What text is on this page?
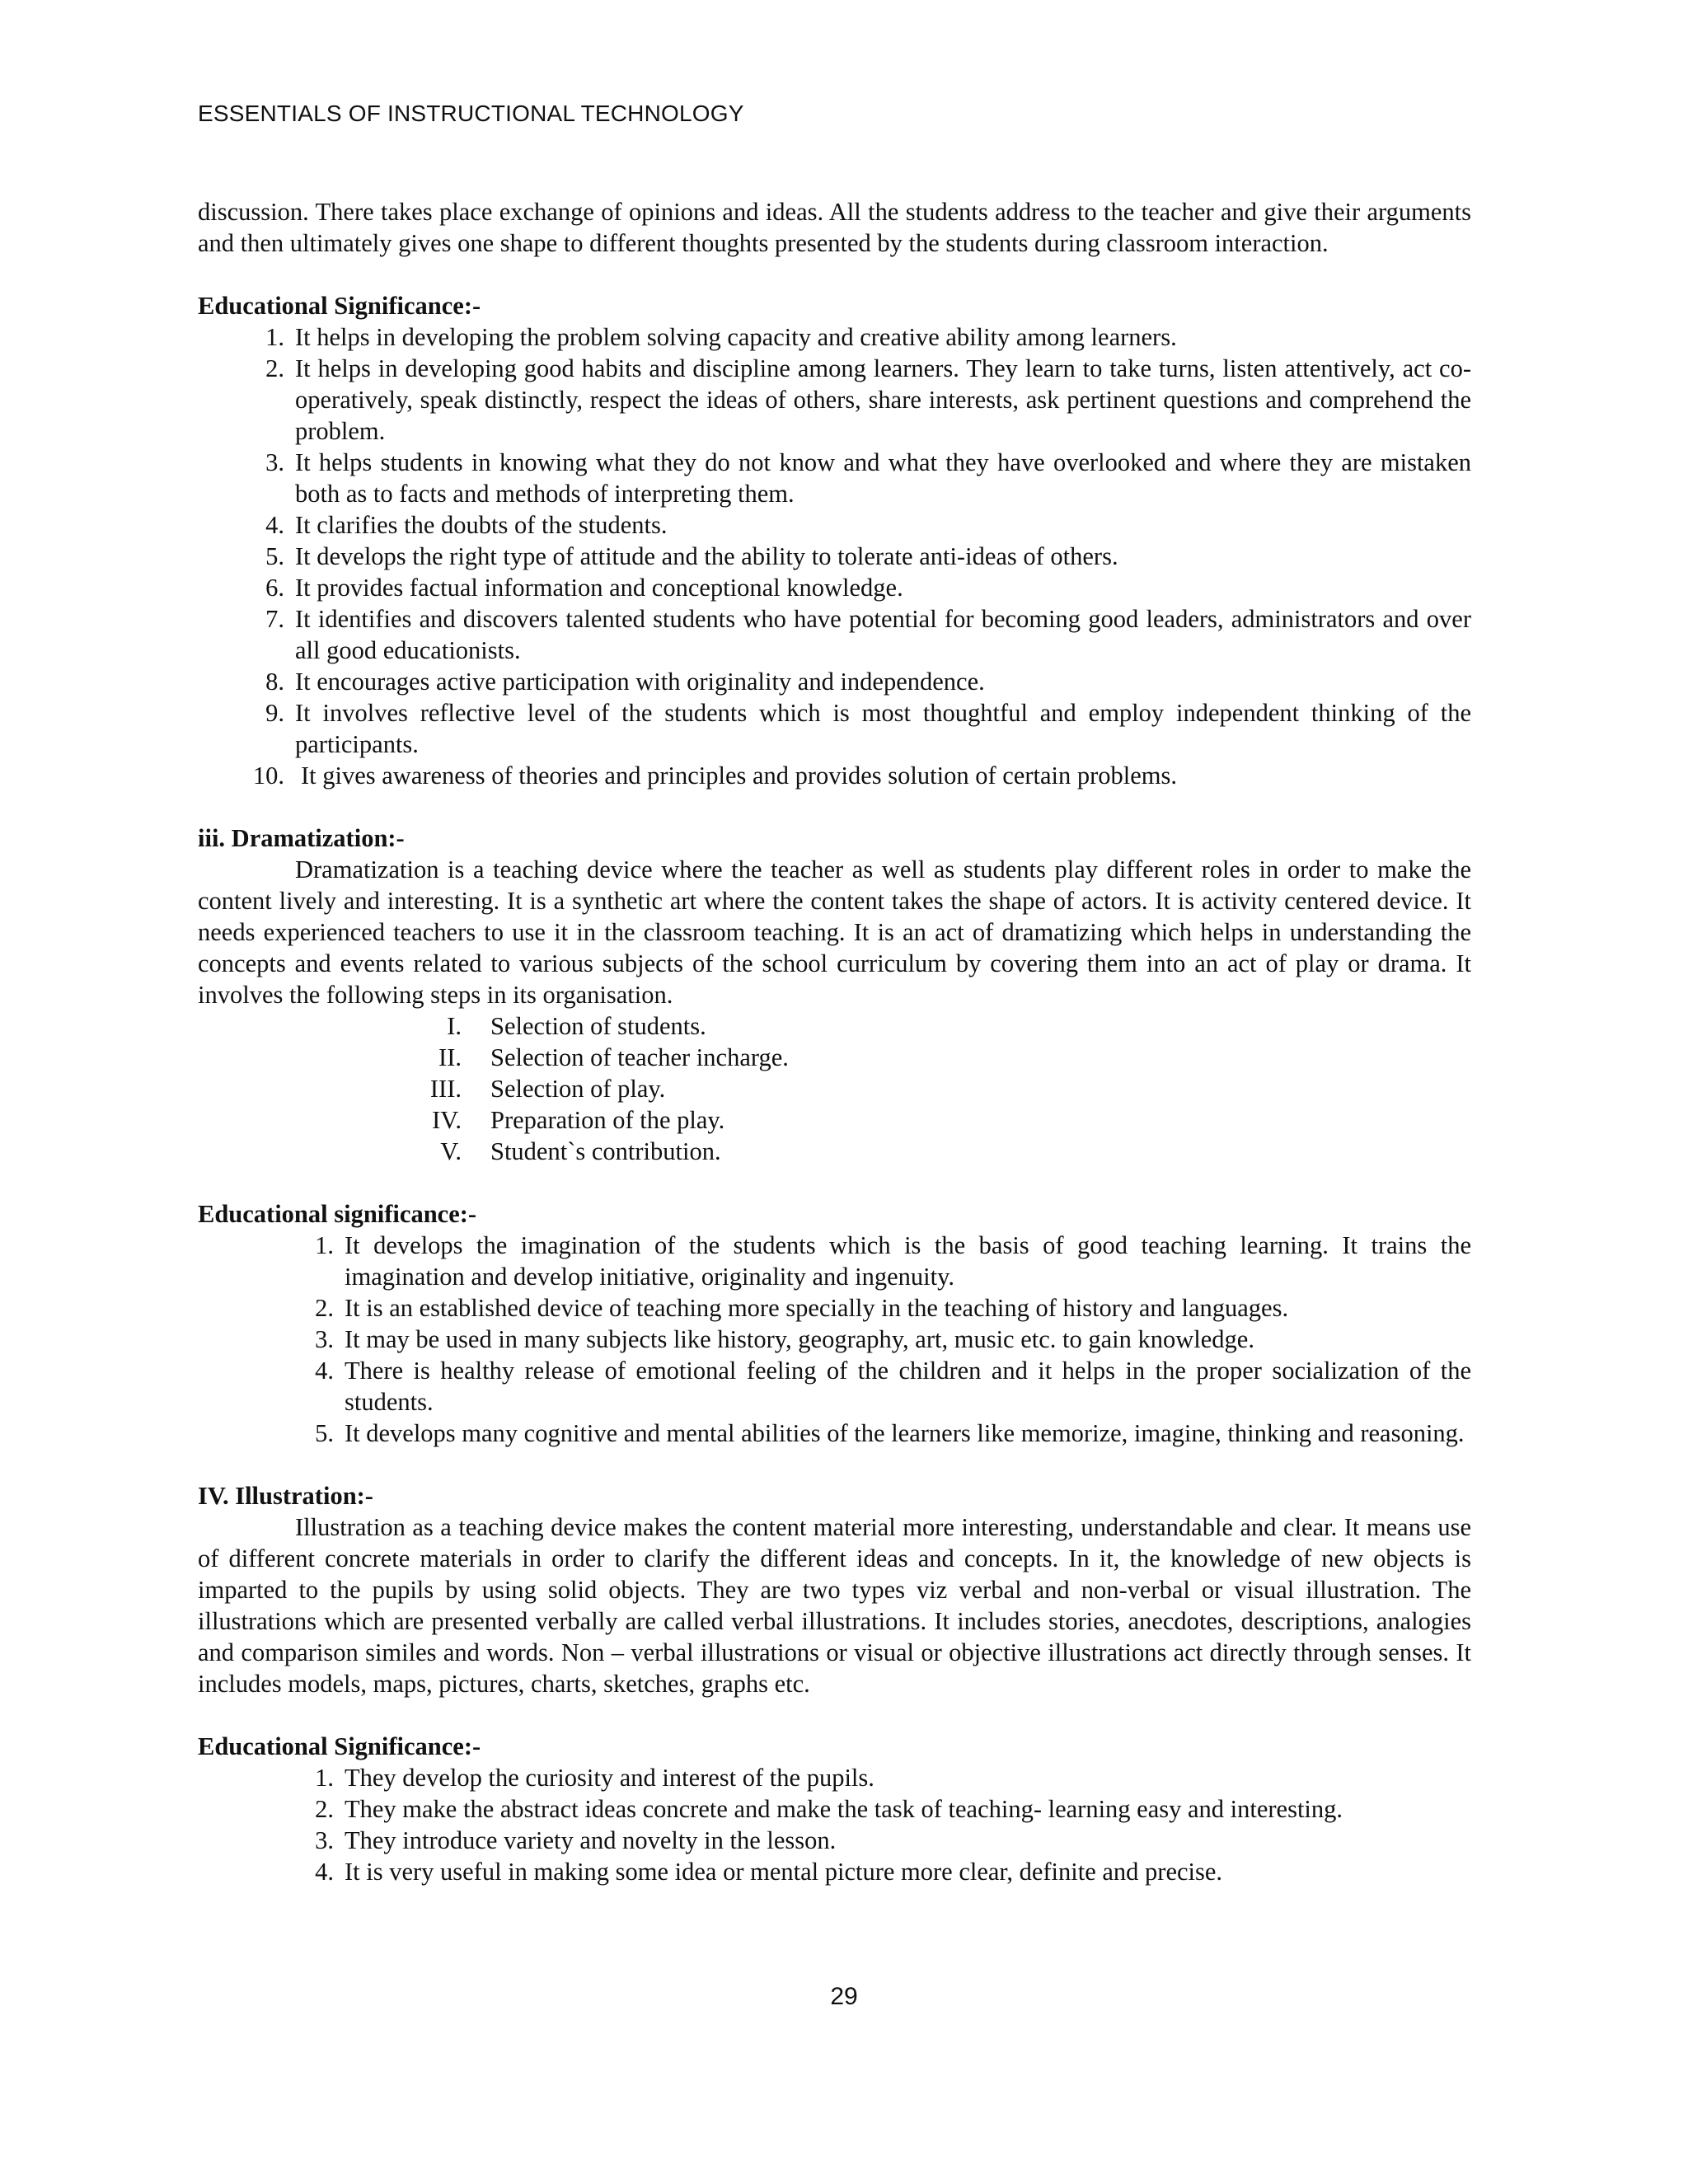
ESSENTIALS OF INSTRUCTIONAL TECHNOLOGY

discussion. There takes place exchange of opinions and ideas. All the students address to the teacher and give their arguments and then ultimately gives one shape to different thoughts presented by the students during classroom interaction.

Educational Significance:-

1. It helps in developing the problem solving capacity and creative ability among learners.
2. It helps in developing good habits and discipline among learners. They learn to take turns, listen attentively, act co-operatively, speak distinctly, respect the ideas of others, share interests, ask pertinent questions and comprehend the problem.
3. It helps students in knowing what they do not know and what they have overlooked and where they are mistaken both as to facts and methods of interpreting them.
4. It clarifies the doubts of the students.
5. It develops the right type of attitude and the ability to tolerate anti-ideas of others.
6. It provides factual information and conceptional knowledge.
7. It identifies and discovers talented students who have potential for becoming good leaders, administrators and over all good educationists.
8. It encourages active participation with originality and independence.
9. It involves reflective level of the students which is most thoughtful and employ independent thinking of the participants.
10. It gives awareness of theories and principles and provides solution of certain problems.

iii. Dramatization:-

Dramatization is a teaching device where the teacher as well as students play different roles in order to make the content lively and interesting. It is a synthetic art where the content takes the shape of actors. It is activity centered device. It needs experienced teachers to use it in the classroom teaching. It is an act of dramatizing which helps in understanding the concepts and events related to various subjects of the school curriculum by covering them into an act of play or drama. It involves the following steps in its organisation.

I. Selection of students.
II. Selection of teacher incharge.
III. Selection of play.
IV. Preparation of the play.
V. Student`s contribution.

Educational significance:-

1. It develops the imagination of the students which is the basis of good teaching learning. It trains the imagination and develop initiative, originality and ingenuity.
2. It is an established device of teaching more specially in the teaching of history and languages.
3. It may be used in many subjects like history, geography, art, music etc. to gain knowledge.
4. There is healthy release of emotional feeling of the children and it helps in the proper socialization of the students.
5. It develops many cognitive and mental abilities of the learners like memorize, imagine, thinking and reasoning.

IV. Illustration:-

Illustration as a teaching device makes the content material more interesting, understandable and clear. It means use of different concrete materials in order to clarify the different ideas and concepts. In it, the knowledge of new objects is imparted to the pupils by using solid objects. They are two types viz verbal and non-verbal or visual illustration. The illustrations which are presented verbally are called verbal illustrations. It includes stories, anecdotes, descriptions, analogies and comparison similes and words. Non – verbal illustrations or visual or objective illustrations act directly through senses. It includes models, maps, pictures, charts, sketches, graphs etc.

Educational Significance:-

1. They develop the curiosity and interest of the pupils.
2. They make the abstract ideas concrete and make the task of teaching- learning easy and interesting.
3. They introduce variety and novelty in the lesson.
4. It is very useful in making some idea or mental picture more clear, definite and precise.
29
